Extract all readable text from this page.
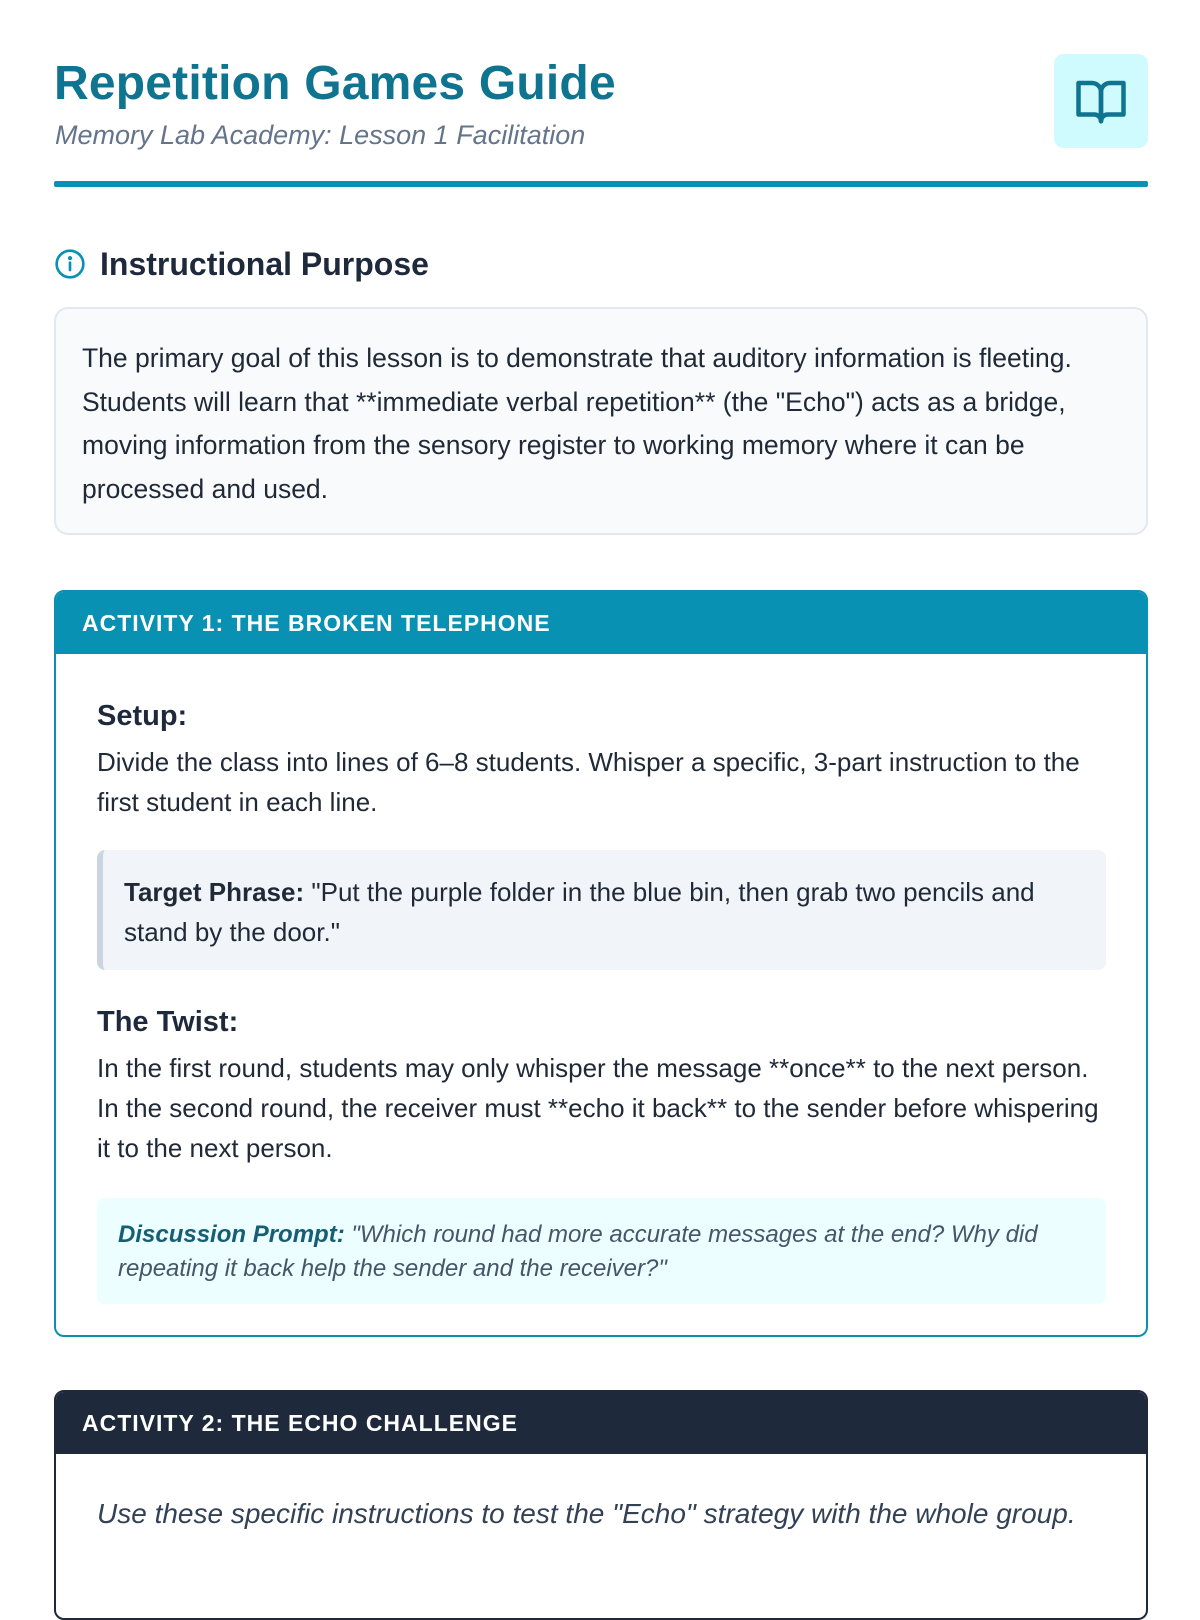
Repetition Games Guide
Memory Lab Academy: Lesson 1 Facilitation
Instructional Purpose

The primary goal of this lesson is to demonstrate that auditory information is fleeting. Students will learn that **immediate verbal repetition** (the "Echo") acts as a bridge, moving information from the sensory register to working memory where it can be processed and used.

ACTIVITY 1: THE BROKEN TELEPHONE
Setup:

Divide the class into lines of 6–8 students. Whisper a specific, 3-part instruction to the first student in each line.

Target Phrase: "Put the purple folder in the blue bin, then grab two pencils and stand by the door."
The Twist:

In the first round, students may only whisper the message **once** to the next person. In the second round, the receiver must **echo it back** to the sender before whispering it to the next person.

Discussion Prompt: "Which round had more accurate messages at the end? Why did repeating it back help the sender and the receiver?"
ACTIVITY 2: THE ECHO CHALLENGE

Use these specific instructions to test the "Echo" strategy with the whole group.
